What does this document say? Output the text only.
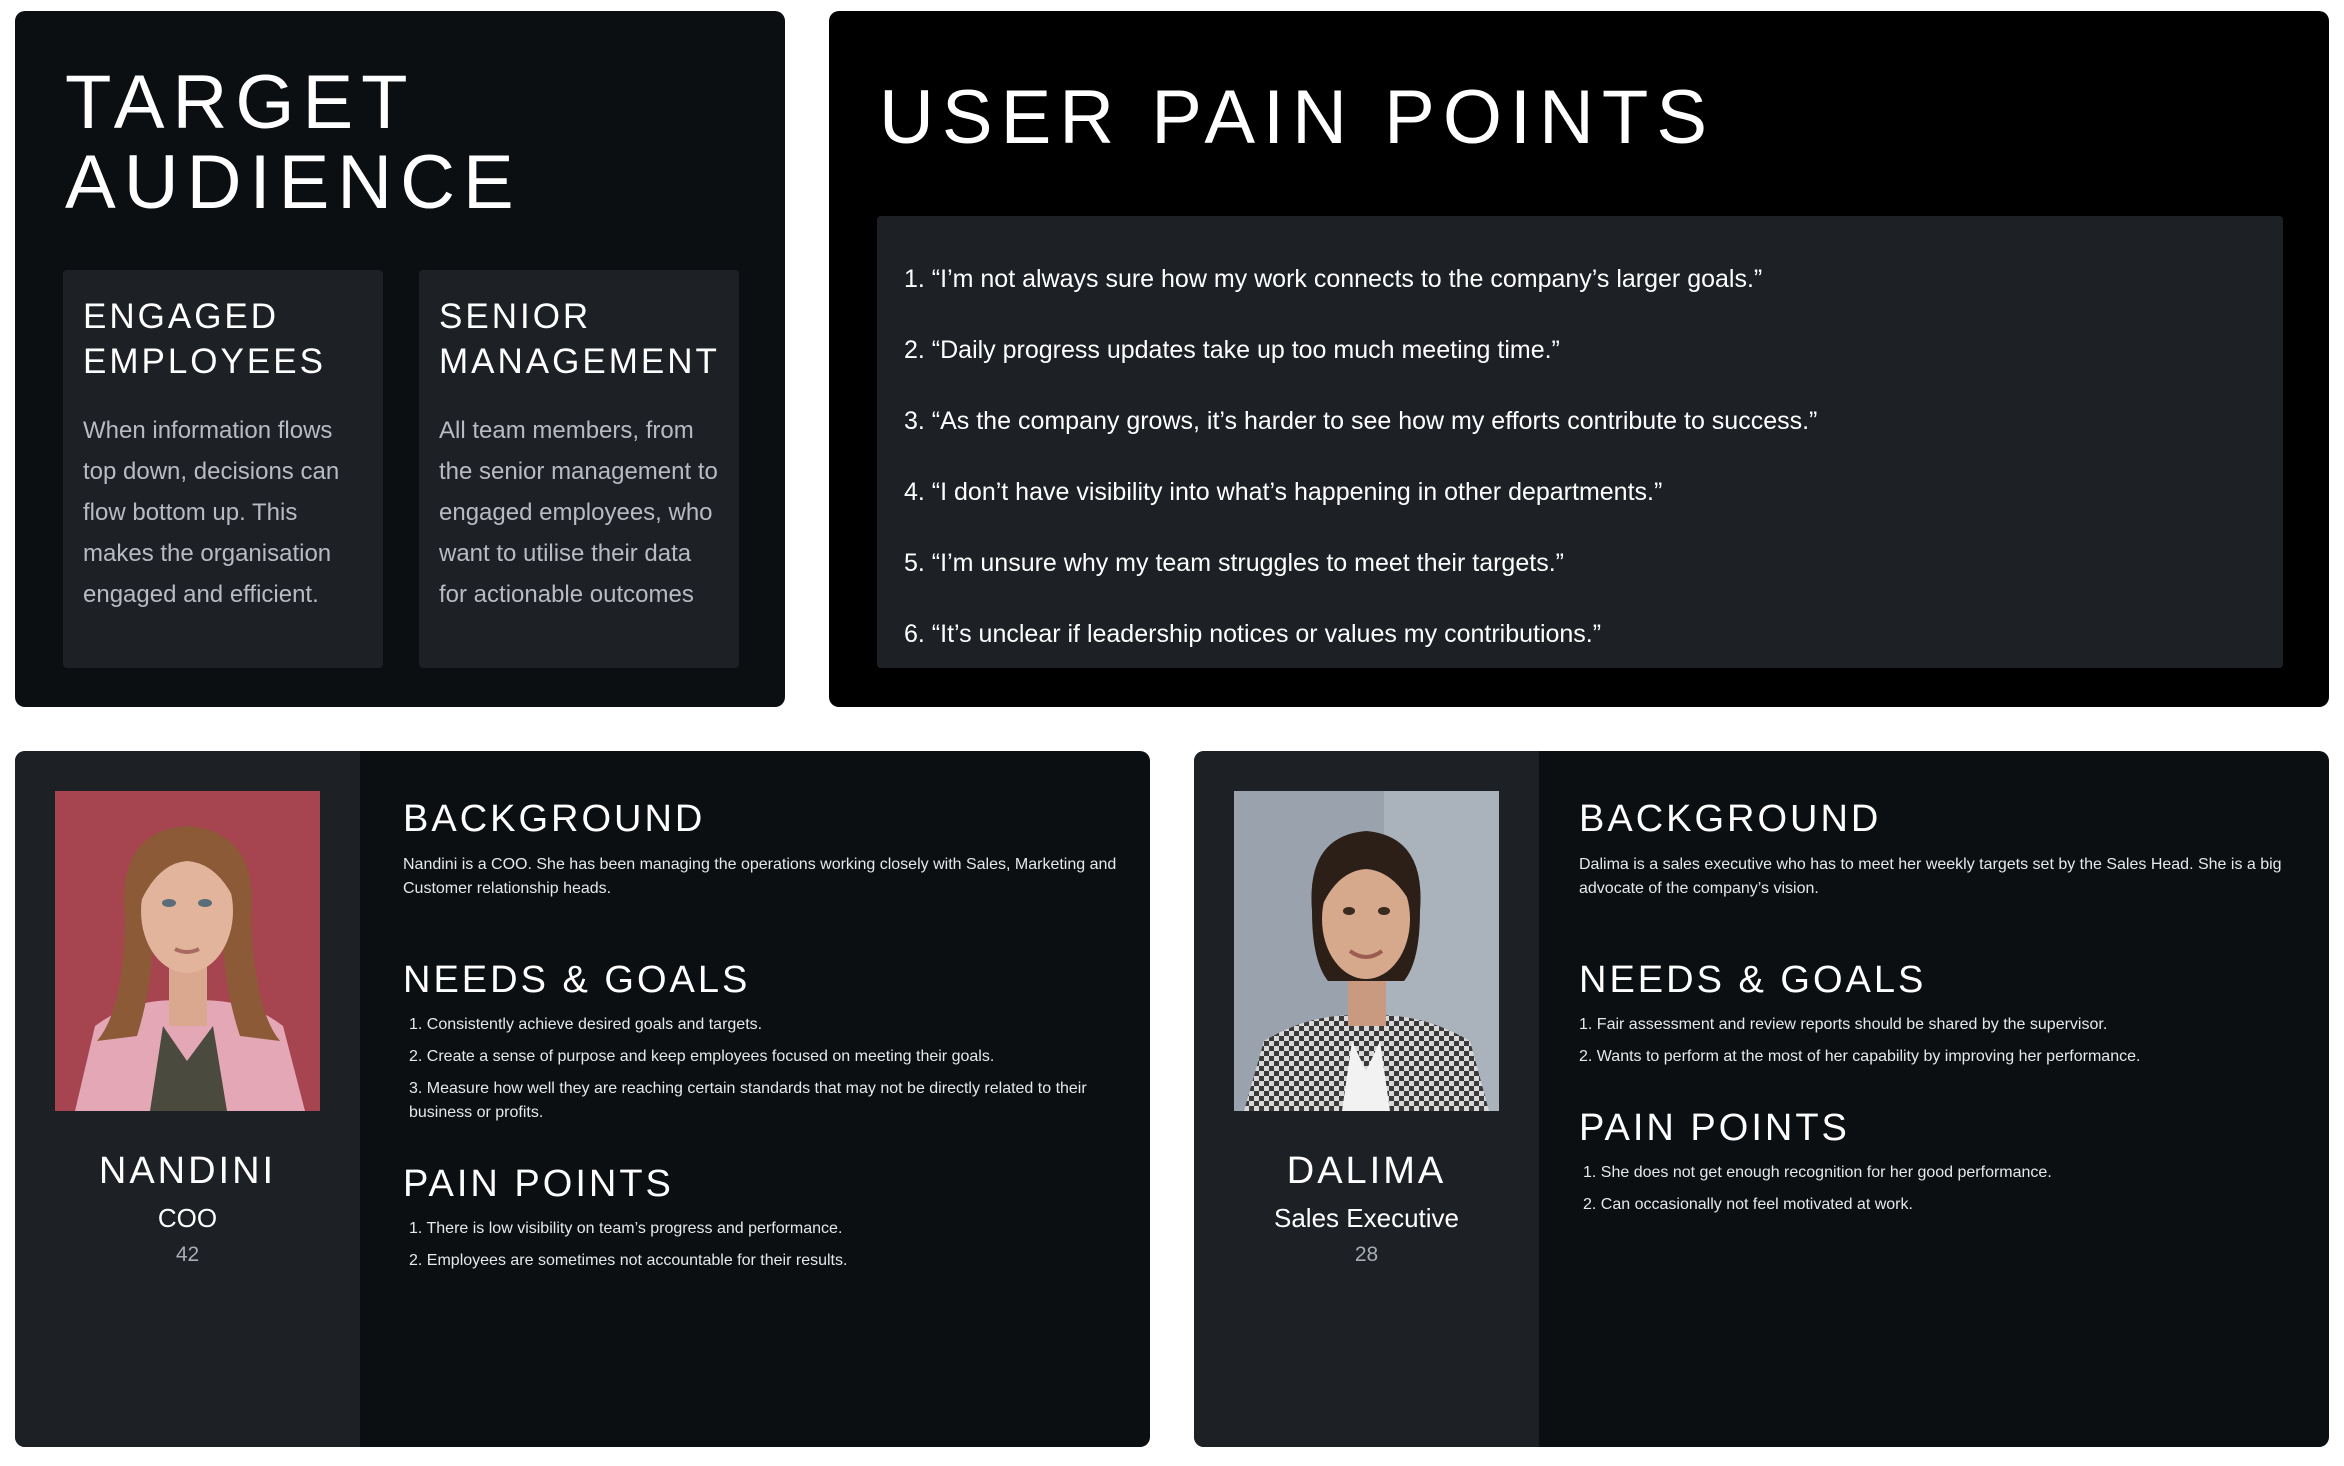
TARGET
AUDIENCE
ENGAGED
EMPLOYEES
When information flows top down, decisions can flow bottom up. This makes the organisation engaged and efficient.
SENIOR
MANAGEMENT
All team members, from the senior management to engaged employees, who want to utilise their data for actionable outcomes
USER PAIN POINTS
1. “I’m not always sure how my work connects to the company’s larger goals.”
2. “Daily progress updates take up too much meeting time.”
3. “As the company grows, it’s harder to see how my efforts contribute to success.”
4. “I don’t have visibility into what’s happening in other departments.”
5. “I’m unsure why my team struggles to meet their targets.”
6. “It’s unclear if leadership notices or values my contributions.”
NANDINI
COO
42
BACKGROUND
Nandini is a COO. She has been managing the operations working closely with Sales, Marketing and Customer relationship heads.
NEEDS & GOALS
1. Consistently achieve desired goals and targets.
2. Create a sense of purpose and keep employees focused on meeting their goals.
3. Measure how well they are reaching certain standards that may not be directly related to their business or profits.
PAIN POINTS
1. There is low visibility on team’s progress and performance.
2. Employees are sometimes not accountable for their results.
DALIMA
Sales Executive
28
BACKGROUND
Dalima is a sales executive who has to meet her weekly targets set by the Sales Head. She is a big advocate of the company’s vision.
NEEDS & GOALS
1. Fair assessment and review reports should be shared by the supervisor.
2. Wants to perform at the most of her capability by improving her performance.
PAIN POINTS
1. She does not get enough recognition for her good performance.
2. Can occasionally not feel motivated at work.
